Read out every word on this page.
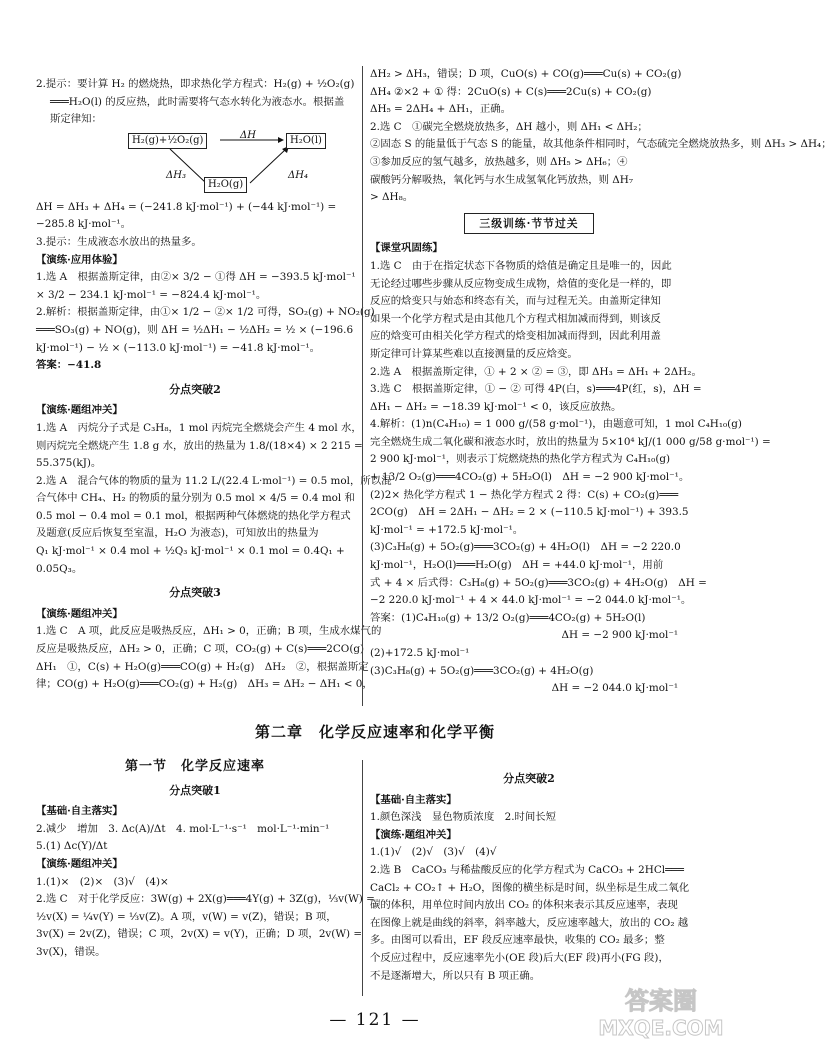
2.提示：要计算 H₂ 的燃烧热，即求热化学方程式：H₂(g) + ½O₂(g)
═══H₂O(l) 的反应热，此时需要将气态水转化为液态水。根据盖
斯定律知：
H₂(g)+½O₂(g)	H₂O(l)
H₂O(g)
ΔH
ΔH₃	ΔH₄
ΔH = ΔH₃ + ΔH₄ = (−241.8 kJ·mol⁻¹) + (−44 kJ·mol⁻¹) =
−285.8 kJ·mol⁻¹。
3.提示：生成液态水放出的热量多。
【演练·应用体验】
1.选 A　根据盖斯定律，由②× 3/2 − ①得 ΔH = −393.5 kJ·mol⁻¹
× 3/2 − 234.1 kJ·mol⁻¹ = −824.4 kJ·mol⁻¹。
2.解析：根据盖斯定律，由①× 1/2 − ②× 1/2 可得，SO₂(g) + NO₂(g)
═══SO₃(g) + NO(g)，则 ΔH = ½ΔH₁ − ½ΔH₂ = ½ × (−196.6
kJ·mol⁻¹) − ½ × (−113.0 kJ·mol⁻¹) = −41.8 kJ·mol⁻¹。
答案：−41.8
分点突破2
【演练·题组冲关】
1.选 A　丙烷分子式是 C₃H₈，1 mol 丙烷完全燃烧会产生 4 mol 水，
则丙烷完全燃烧产生 1.8 g 水，放出的热量为 1.8/(18×4) × 2 215 =
55.375(kJ)。
2.选 A　混合气体的物质的量为 11.2 L/(22.4 L·mol⁻¹) = 0.5 mol，所以混
合气体中 CH₄、H₂ 的物质的量分别为 0.5 mol × 4/5 = 0.4 mol 和
0.5 mol − 0.4 mol = 0.1 mol，根据两种气体燃烧的热化学方程式
及题意(反应后恢复至室温，H₂O 为液态)，可知放出的热量为
Q₁ kJ·mol⁻¹ × 0.4 mol + ½Q₃ kJ·mol⁻¹ × 0.1 mol = 0.4Q₁ +
0.05Q₃。
分点突破3
【演练·题组冲关】
1.选 C　A 项，此反应是吸热反应，ΔH₁ > 0，正确；B 项，生成水煤气的
反应是吸热反应，ΔH₂ > 0，正确；C 项，CO₂(g) + C(s)═══2CO(g)
ΔH₁　①，C(s) + H₂O(g)═══CO(g) + H₂(g)　ΔH₂　②，根据盖斯定
律；CO(g) + H₂O(g)═══CO₂(g) + H₂(g)　ΔH₃ = ΔH₂ − ΔH₁ < 0，
ΔH₂ > ΔH₃，错误；D 项，CuO(s) + CO(g)═══Cu(s) + CO₂(g)
ΔH₄ ②×2 + ① 得：2CuO(s) + C(s)═══2Cu(s) + CO₂(g)
ΔH₅ = 2ΔH₄ + ΔH₁，正确。
2.选 C　①碳完全燃烧放热多，ΔH 越小，则 ΔH₁ < ΔH₂；
②固态 S 的能量低于气态 S 的能量，故其他条件相同时，气态硫完全燃烧放热多，则 ΔH₃ > ΔH₄；
③参加反应的氢气越多，放热越多，则 ΔH₅ > ΔH₆；④
碳酸钙分解吸热，氧化钙与水生成氢氧化钙放热，则 ΔH₇
> ΔH₈。
三级训练·节节过关
【课堂巩固练】
1.选 C　由于在指定状态下各物质的焓值是确定且是唯一的，因此
无论经过哪些步骤从反应物变成生成物，焓值的变化是一样的，即
反应的焓变只与始态和终态有关，而与过程无关。由盖斯定律知
如果一个化学方程式是由其他几个方程式相加减而得到，则该反
应的焓变可由相关化学方程式的焓变相加减而得到，因此利用盖
斯定律可计算某些难以直接测量的反应焓变。
2.选 A　根据盖斯定律，① + 2 × ② = ③，即 ΔH₃ = ΔH₁ + 2ΔH₂。
3.选 C　根据盖斯定律，① − ② 可得 4P(白，s)═══4P(红，s)，ΔH =
ΔH₁ − ΔH₂ = −18.39 kJ·mol⁻¹ < 0，该反应放热。
4.解析：(1)n(C₄H₁₀) = 1 000 g/(58 g·mol⁻¹)，由题意可知，1 mol C₄H₁₀(g)
完全燃烧生成二氧化碳和液态水时，放出的热量为 5×10⁴ kJ/(1 000 g/58 g·mol⁻¹) =
2 900 kJ·mol⁻¹，则表示丁烷燃烧热的热化学方程式为 C₄H₁₀(g)
+ 13/2 O₂(g)═══4CO₂(g) + 5H₂O(l)　ΔH = −2 900 kJ·mol⁻¹。
(2)2× 热化学方程式 1 − 热化学方程式 2 得：C(s) + CO₂(g)═══
2CO(g)　ΔH = 2ΔH₁ − ΔH₂ = 2 × (−110.5 kJ·mol⁻¹) + 393.5
kJ·mol⁻¹ = +172.5 kJ·mol⁻¹。
(3)C₃H₈(g) + 5O₂(g)═══3CO₂(g) + 4H₂O(l)　ΔH = −2 220.0
kJ·mol⁻¹，H₂O(l)═══H₂O(g)　ΔH = +44.0 kJ·mol⁻¹，用前
式 + 4 × 后式得：C₃H₈(g) + 5O₂(g)═══3CO₂(g) + 4H₂O(g)　ΔH =
−2 220.0 kJ·mol⁻¹ + 4 × 44.0 kJ·mol⁻¹ = −2 044.0 kJ·mol⁻¹。
答案：(1)C₄H₁₀(g) + 13/2 O₂(g)═══4CO₂(g) + 5H₂O(l)
ΔH = −2 900 kJ·mol⁻¹
(2)+172.5 kJ·mol⁻¹
(3)C₃H₈(g) + 5O₂(g)═══3CO₂(g) + 4H₂O(g)
ΔH = −2 044.0 kJ·mol⁻¹
第二章　化学反应速率和化学平衡
第一节　化学反应速率
分点突破1
【基础·自主落实】
2.减少　增加　3. Δc(A)/Δt　4. mol·L⁻¹·s⁻¹　mol·L⁻¹·min⁻¹
5.(1) Δc(Y)/Δt
【演练·题组冲关】
1.(1)×　(2)×　(3)√　(4)×
2.选 C　对于化学反应：3W(g) + 2X(g)═══4Y(g) + 3Z(g)，⅓v(W) =
½v(X) = ¼v(Y) = ⅓v(Z)。A 项，v(W) = v(Z)，错误；B 项，
3v(X) = 2v(Z)，错误；C 项，2v(X) = v(Y)，正确；D 项，2v(W) =
3v(X)，错误。
分点突破2
【基础·自主落实】
1.颜色深浅　显色物质浓度　2.时间长短
【演练·题组冲关】
1.(1)√　(2)√　(3)√　(4)√
2.选 B　CaCO₃ 与稀盐酸反应的化学方程式为 CaCO₃ + 2HCl═══
CaCl₂ + CO₂↑ + H₂O，图像的横坐标是时间，纵坐标是生成二氧化
碳的体积，用单位时间内放出 CO₂ 的体积来表示其反应速率，表现
在图像上就是曲线的斜率，斜率越大，反应速率越大，放出的 CO₂ 越
多。由图可以看出，EF 段反应速率最快，收集的 CO₂ 最多；整
个反应过程中，反应速率先小(OE 段)后大(EF 段)再小(FG 段)，
不是逐渐增大，所以只有 B 项正确。
— 121 —
答案圈
MXQE.COM
